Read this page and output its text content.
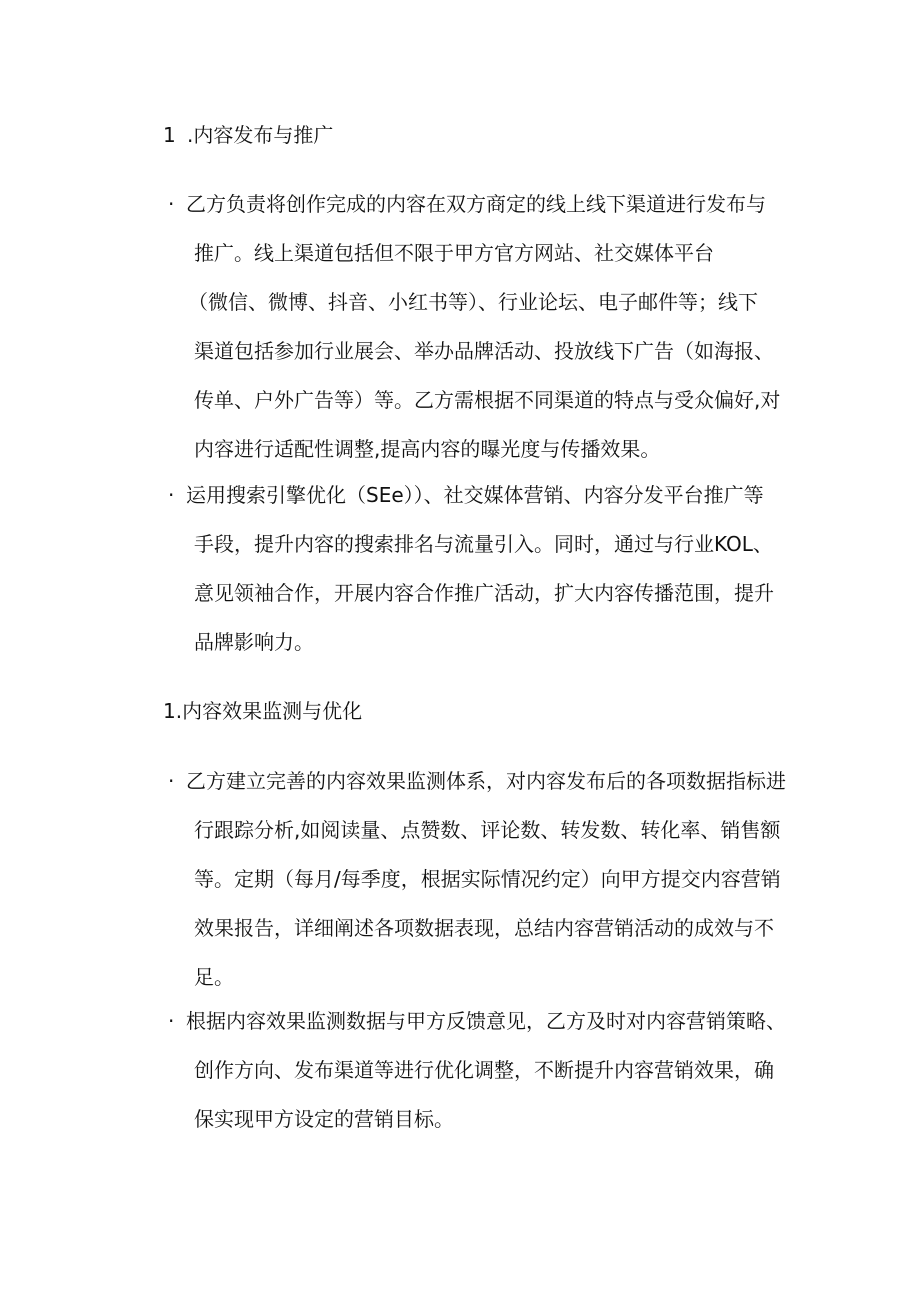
1 .内容发布与推广
· 乙方负责将创作完成的内容在双方商定的线上线下渠道进行发布与
推广。线上渠道包括但不限于甲方官方网站、社交媒体平台
（微信、微博、抖音、小红书等）、行业论坛、电子邮件等；线下
渠道包括参加行业展会、举办品牌活动、投放线下广告（如海报、
传单、户外广告等）等。乙方需根据不同渠道的特点与受众偏好,对
内容进行适配性调整,提高内容的曝光度与传播效果。
· 运用搜索引擎优化（SEe））、社交媒体营销、内容分发平台推广等
手段，提升内容的搜索排名与流量引入。同时，通过与行业KOL、
意见领袖合作，开展内容合作推广活动，扩大内容传播范围，提升
品牌影响力。
1.内容效果监测与优化
· 乙方建立完善的内容效果监测体系，对内容发布后的各项数据指标进
行跟踪分析,如阅读量、点赞数、评论数、转发数、转化率、销售额
等。定期（每月/每季度，根据实际情况约定）向甲方提交内容营销
效果报告，详细阐述各项数据表现，总结内容营销活动的成效与不
足。
· 根据内容效果监测数据与甲方反馈意见，乙方及时对内容营销策略、
创作方向、发布渠道等进行优化调整，不断提升内容营销效果，确
保实现甲方设定的营销目标。
